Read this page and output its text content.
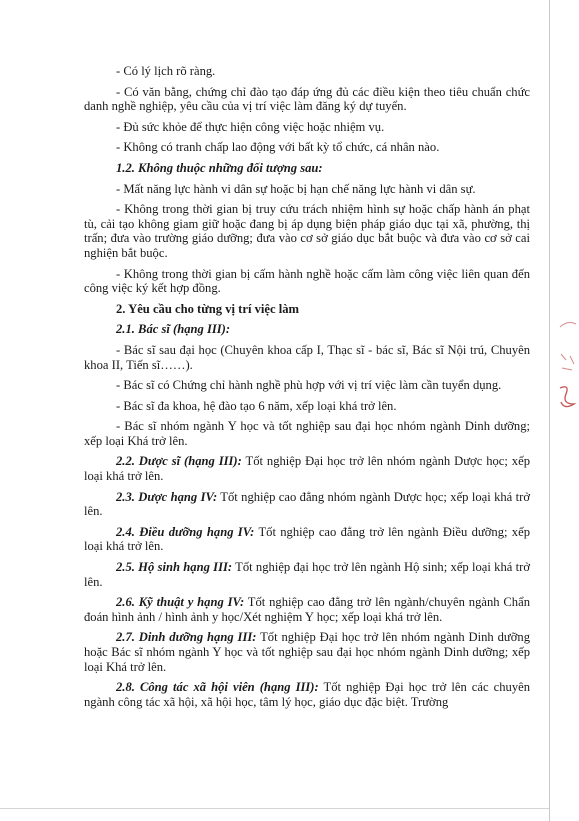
- Có lý lịch rõ ràng.

- Có văn bằng, chứng chỉ đào tạo đáp ứng đủ các điều kiện theo tiêu chuẩn chức danh nghề nghiệp, yêu cầu của vị trí việc làm đăng ký dự tuyển.

- Đủ sức khỏe để thực hiện công việc hoặc nhiệm vụ.

- Không có tranh chấp lao động với bất kỳ tổ chức, cá nhân nào.

1.2. Không thuộc những đối tượng sau:

- Mất năng lực hành vi dân sự hoặc bị hạn chế năng lực hành vi dân sự.

- Không trong thời gian bị truy cứu trách nhiệm hình sự hoặc chấp hành án phạt tù, cải tạo không giam giữ hoặc đang bị áp dụng biện pháp giáo dục tại xã, phường, thị trấn; đưa vào trường giáo dưỡng; đưa vào cơ sở giáo dục bắt buộc và đưa vào cơ sở cai nghiện bắt buộc.

- Không trong thời gian bị cấm hành nghề hoặc cấm làm công việc liên quan đến công việc ký kết hợp đồng.

2. Yêu cầu cho từng vị trí việc làm

2.1. Bác sĩ (hạng III):

- Bác sĩ sau đại học (Chuyên khoa cấp I, Thạc sĩ - bác sĩ, Bác sĩ Nội trú, Chuyên khoa II, Tiến sĩ……).

- Bác sĩ có Chứng chỉ hành nghề phù hợp với vị trí việc làm cần tuyển dụng.

- Bác sĩ đa khoa, hệ đào tạo 6 năm, xếp loại khá trở lên.

- Bác sĩ nhóm ngành Y học và tốt nghiệp sau đại học nhóm ngành Dinh dưỡng; xếp loại Khá trở lên.

2.2. Dược sĩ (hạng III): Tốt nghiệp Đại học trở lên nhóm ngành Dược học; xếp loại khá trở lên.

2.3. Dược hạng IV: Tốt nghiệp cao đẳng nhóm ngành Dược học; xếp loại khá trở lên.

2.4. Điều dưỡng hạng IV: Tốt nghiệp cao đẳng trở lên ngành Điều dưỡng; xếp loại khá trở lên.

2.5. Hộ sinh hạng III: Tốt nghiệp đại học trở lên ngành Hộ sinh; xếp loại khá trở lên.

2.6. Kỹ thuật y hạng IV: Tốt nghiệp cao đẳng trở lên ngành/chuyên ngành Chẩn đoán hình ảnh / hình ảnh y học/Xét nghiệm Y học; xếp loại khá trở lên.

2.7. Dinh dưỡng hạng III: Tốt nghiệp Đại học trở lên nhóm ngành Dinh dưỡng hoặc Bác sĩ nhóm ngành Y học và tốt nghiệp sau đại học nhóm ngành Dinh dưỡng; xếp loại Khá trở lên.

2.8. Công tác xã hội viên (hạng III): Tốt nghiệp Đại học trở lên các chuyên ngành công tác xã hội, xã hội học, tâm lý học, giáo dục đặc biệt. Trường
